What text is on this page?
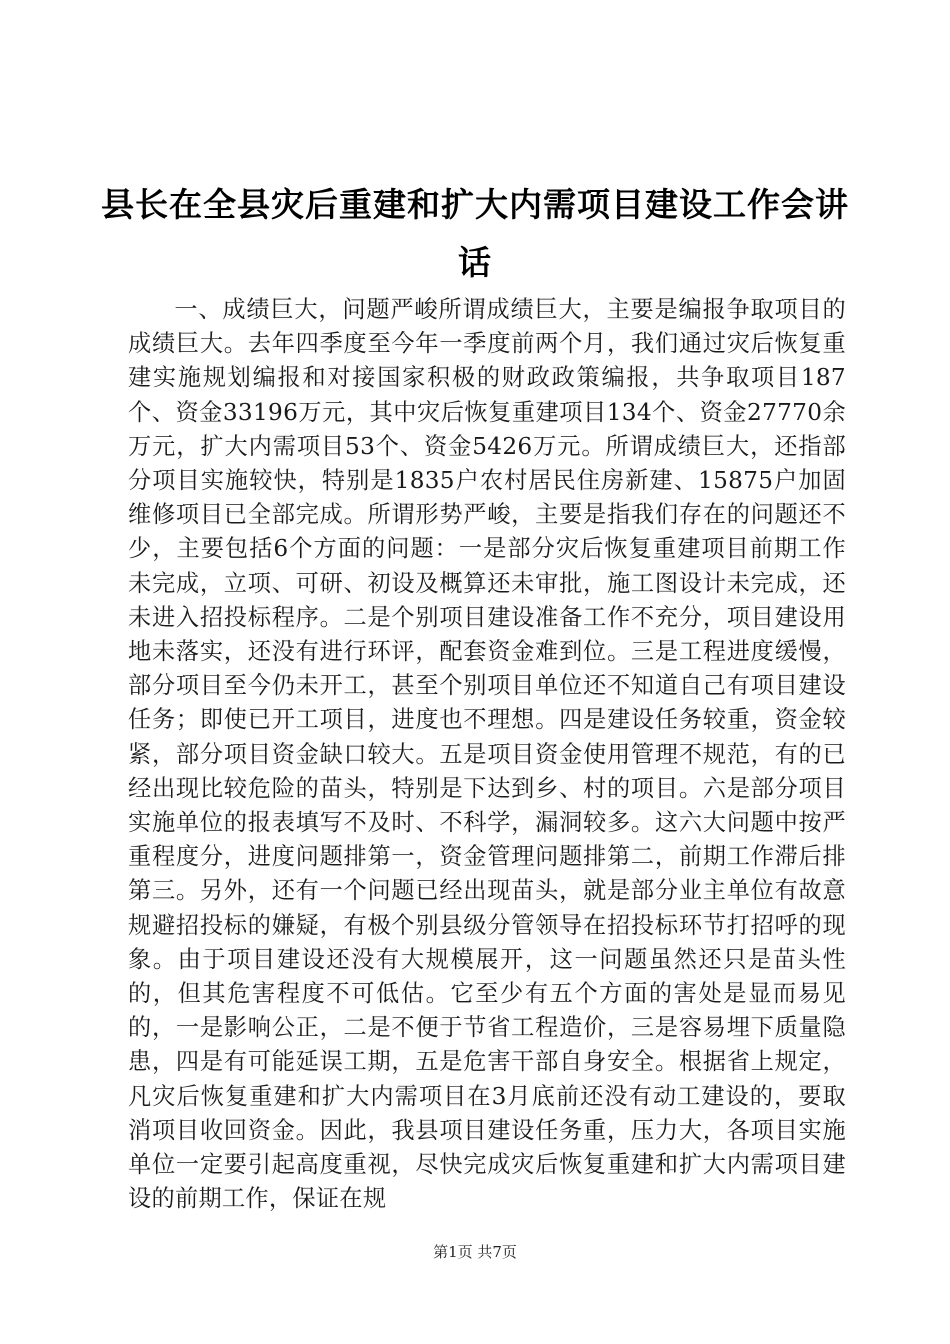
县长在全县灾后重建和扩大内需项目建设工作会讲话

一、成绩巨大，问题严峻所谓成绩巨大，主要是编报争取项目的成绩巨大。去年四季度至今年一季度前两个月，我们通过灾后恢复重建实施规划编报和对接国家积极的财政政策编报，共争取项目187个、资金33196万元，其中灾后恢复重建项目134个、资金27770余万元，扩大内需项目53个、资金5426万元。所谓成绩巨大，还指部分项目实施较快，特别是1835户农村居民住房新建、15875户加固维修项目已全部完成。所谓形势严峻，主要是指我们存在的问题还不少，主要包括6个方面的问题：一是部分灾后恢复重建项目前期工作未完成，立项、可研、初设及概算还未审批，施工图设计未完成，还未进入招投标程序。二是个别项目建设准备工作不充分，项目建设用地未落实，还没有进行环评，配套资金难到位。三是工程进度缓慢，部分项目至今仍未开工，甚至个别项目单位还不知道自己有项目建设任务；即使已开工项目，进度也不理想。四是建设任务较重，资金较紧，部分项目资金缺口较大。五是项目资金使用管理不规范，有的已经出现比较危险的苗头，特别是下达到乡、村的项目。六是部分项目实施单位的报表填写不及时、不科学，漏洞较多。这六大问题中按严重程度分，进度问题排第一，资金管理问题排第二，前期工作滞后排第三。另外，还有一个问题已经出现苗头，就是部分业主单位有故意规避招投标的嫌疑，有极个别县级分管领导在招投标环节打招呼的现象。由于项目建设还没有大规模展开，这一问题虽然还只是苗头性的，但其危害程度不可低估。它至少有五个方面的害处是显而易见的，一是影响公正，二是不便于节省工程造价，三是容易埋下质量隐患，四是有可能延误工期，五是危害干部自身安全。根据省上规定，凡灾后恢复重建和扩大内需项目在3月底前还没有动工建设的，要取消项目收回资金。因此，我县项目建设任务重，压力大，各项目实施单位一定要引起高度重视，尽快完成灾后恢复重建和扩大内需项目建设的前期工作，保证在规

第1页 共7页
